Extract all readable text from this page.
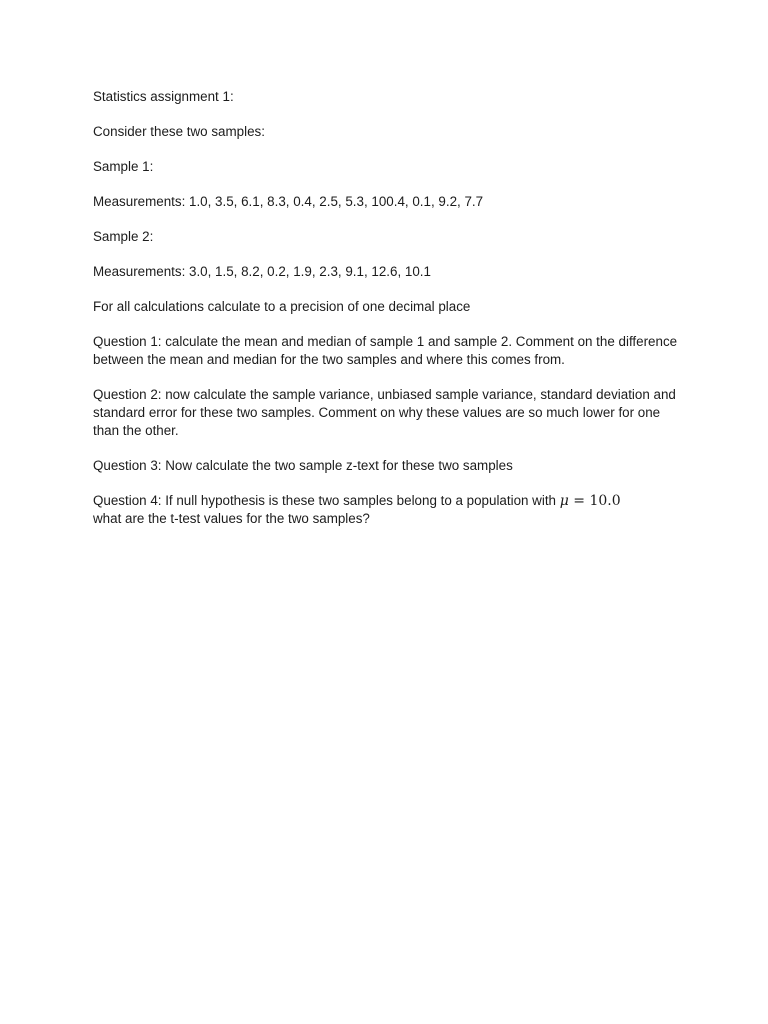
Statistics assignment 1:

Consider these two samples:

Sample 1:

Measurements: 1.0, 3.5, 6.1, 8.3, 0.4, 2.5, 5.3, 100.4, 0.1, 9.2, 7.7

Sample 2:

Measurements: 3.0, 1.5, 8.2, 0.2, 1.9, 2.3, 9.1, 12.6, 10.1

For all calculations calculate to a precision of one decimal place

Question 1: calculate the mean and median of sample 1 and sample 2. Comment on the difference between the mean and median for the two samples and where this comes from.

Question 2: now calculate the sample variance, unbiased sample variance, standard deviation and standard error for these two samples. Comment on why these values are so much lower for one than the other.

Question 3: Now calculate the two sample z-text for these two samples

Question 4: If null hypothesis is these two samples belong to a population with μ = 10.0
what are the t-test values for the two samples?
